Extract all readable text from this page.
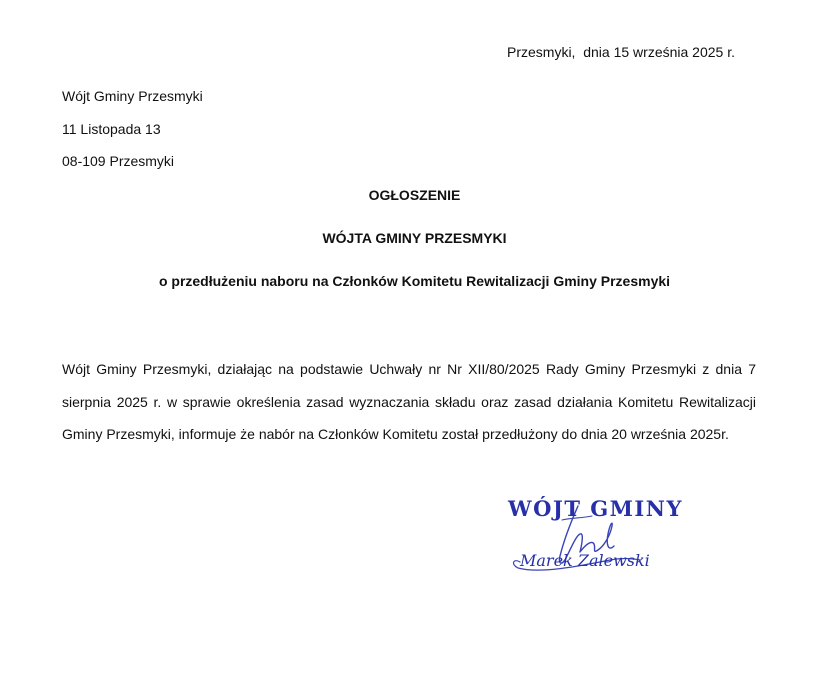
Przesmyki,  dnia 15 września 2025 r.
Wójt Gminy Przesmyki
11 Listopada 13
08-109 Przesmyki
OGŁOSZENIE
WÓJTA GMINY PRZESMYKI
o przedłużeniu naboru na Członków Komitetu Rewitalizacji Gminy Przesmyki
Wójt Gminy Przesmyki, działając na podstawie Uchwały nr Nr XII/80/2025 Rady Gminy Przesmyki z dnia 7 sierpnia 2025 r. w sprawie określenia zasad wyznaczania składu oraz zasad działania Komitetu Rewitalizacji Gminy Przesmyki, informuje że nabór na Członków Komitetu został przedłużony do dnia 20 września 2025r.
WÓJT GMINY
Marek Zalewski
